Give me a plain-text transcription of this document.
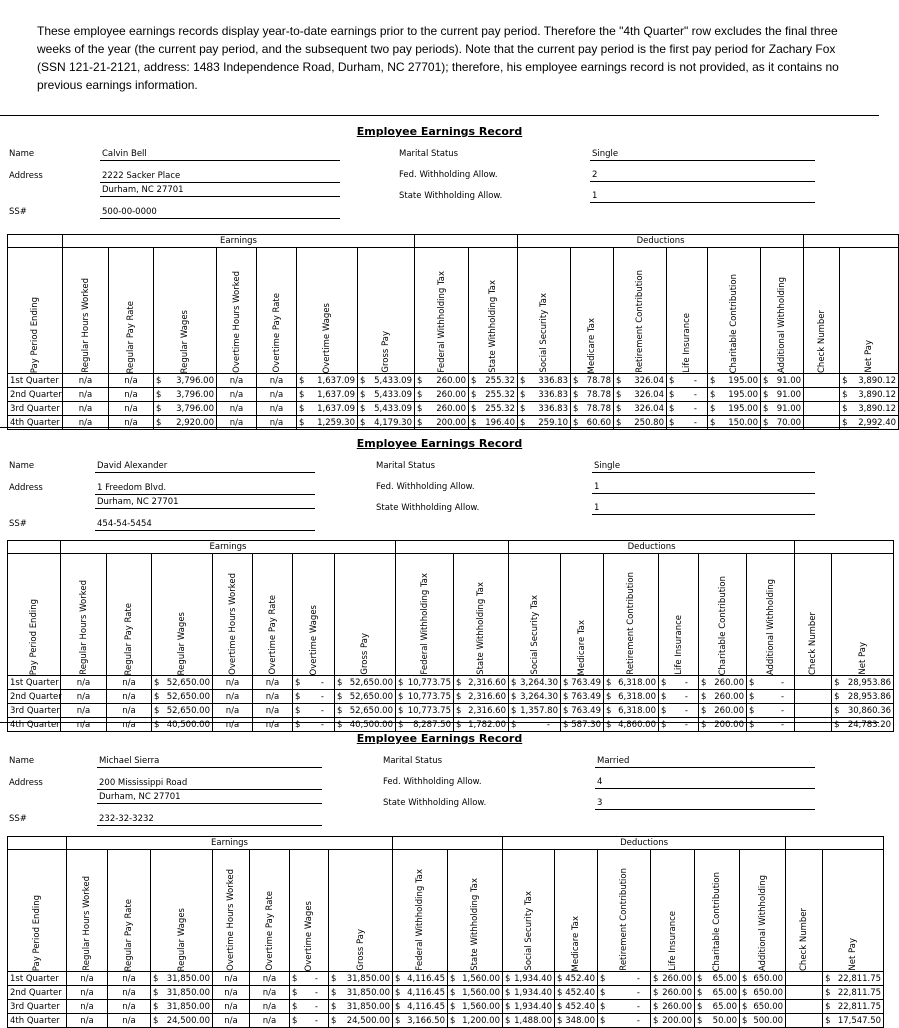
These employee earnings records display year-to-date earnings prior to the current pay period. Therefore the "4th Quarter" row excludes the final three weeks of the year (the current pay period, and the subsequent two pay periods). Note that the current pay period is the first pay period for Zachary Fox (SSN 121-21-2121, address: 1483 Independence Road, Durham, NC 27701); therefore, his employee earnings record is not provided, as it contains no previous earnings information.
Employee Earnings Record
Name	Calvin Bell
Address	2222 Sacker Place
Durham, NC 27701
SS#	500-00-0000
Marital Status	Single
Fed. Withholding Allow.	2
State Withholding Allow.	1
	Earnings									Deductions							

Pay Period Ending	Regular Hours Worked	Regular Pay Rate	Regular Wages	Overtime Hours Worked	Overtime Pay Rate	Overtime Wages	Gross Pay	Federal Withholding Tax	State Withholding Tax	Social Security Tax	Medicare Tax	Retirement Contribution	Life Insurance	Charitable Contribution	Additional Withholding	Check Number	Net Pay

1st Quarter	n/a	n/a	$ 3,796.00	n/a	n/a	$ 1,637.09	$ 5,433.09	$ 260.00	$ 255.32	$ 336.83	$ 78.78	$ 326.04	$ -	$ 195.00	$ 91.00		$ 3,890.12

2nd Quarter	n/a	n/a	$ 3,796.00	n/a	n/a	$ 1,637.09	$ 5,433.09	$ 260.00	$ 255.32	$ 336.83	$ 78.78	$ 326.04	$ -	$ 195.00	$ 91.00		$ 3,890.12

3rd Quarter	n/a	n/a	$ 3,796.00	n/a	n/a	$ 1,637.09	$ 5,433.09	$ 260.00	$ 255.32	$ 336.83	$ 78.78	$ 326.04	$ -	$ 195.00	$ 91.00		$ 3,890.12

4th Quarter	n/a	n/a	$ 2,920.00	n/a	n/a	$ 1,259.30	$ 4,179.30	$ 200.00	$ 196.40	$ 259.10	$ 60.60	$ 250.80	$ -	$ 150.00	$ 70.00		$ 2,992.40
Employee Earnings Record
Name	David Alexander
Address	1 Freedom Blvd.
Durham, NC 27701
SS#	454-54-5454
Marital Status	Single
Fed. Withholding Allow.	1
State Withholding Allow.	1
	Earnings									Deductions							

Pay Period Ending	Regular Hours Worked	Regular Pay Rate	Regular Wages	Overtime Hours Worked	Overtime Pay Rate	Overtime Wages	Gross Pay	Federal Withholding Tax	State Withholding Tax	Social Security Tax	Medicare Tax	Retirement Contribution	Life Insurance	Charitable Contribution	Additional Withholding	Check Number	Net Pay

1st Quarter	n/a	n/a	$ 52,650.00	n/a	n/a	$ -	$ 52,650.00	$ 10,773.75	$ 2,316.60	$ 3,264.30	$ 763.49	$ 6,318.00	$ -	$ 260.00	$ -		$ 28,953.86

2nd Quarter	n/a	n/a	$ 52,650.00	n/a	n/a	$ -	$ 52,650.00	$ 10,773.75	$ 2,316.60	$ 3,264.30	$ 763.49	$ 6,318.00	$ -	$ 260.00	$ -		$ 28,953.86

3rd Quarter	n/a	n/a	$ 52,650.00	n/a	n/a	$ -	$ 52,650.00	$ 10,773.75	$ 2,316.60	$ 1,357.80	$ 763.49	$ 6,318.00	$ -	$ 260.00	$ -		$ 30,860.36

4th Quarter	n/a	n/a	$ 40,500.00	n/a	n/a	$ -	$ 40,500.00	$ 8,287.50	$ 1,782.00	$ -	$ 587.30	$ 4,860.00	$ -	$ 200.00	$ -		$ 24,783.20
Employee Earnings Record
Name	Michael Sierra
Address	200 Mississippi Road
Durham, NC 27701
SS#	232-32-3232
Marital Status	Married
Fed. Withholding Allow.	4
State Withholding Allow.	3
	Earnings									Deductions							

Pay Period Ending	Regular Hours Worked	Regular Pay Rate	Regular Wages	Overtime Hours Worked	Overtime Pay Rate	Overtime Wages	Gross Pay	Federal Withholding Tax	State Withholding Tax	Social Security Tax	Medicare Tax	Retirement Contribution	Life Insurance	Charitable Contribution	Additional Withholding	Check Number	Net Pay

1st Quarter	n/a	n/a	$ 31,850.00	n/a	n/a	$ -	$ 31,850.00	$ 4,116.45	$ 1,560.00	$ 1,934.40	$ 452.40	$ -	$ 260.00	$ 65.00	$ 650.00		$ 22,811.75

2nd Quarter	n/a	n/a	$ 31,850.00	n/a	n/a	$ -	$ 31,850.00	$ 4,116.45	$ 1,560.00	$ 1,934.40	$ 452.40	$ -	$ 260.00	$ 65.00	$ 650.00		$ 22,811.75

3rd Quarter	n/a	n/a	$ 31,850.00	n/a	n/a	$ -	$ 31,850.00	$ 4,116.45	$ 1,560.00	$ 1,934.40	$ 452.40	$ -	$ 260.00	$ 65.00	$ 650.00		$ 22,811.75

4th Quarter	n/a	n/a	$ 24,500.00	n/a	n/a	$ -	$ 24,500.00	$ 3,166.50	$ 1,200.00	$ 1,488.00	$ 348.00	$ -	$ 200.00	$ 50.00	$ 500.00		$ 17,547.50
